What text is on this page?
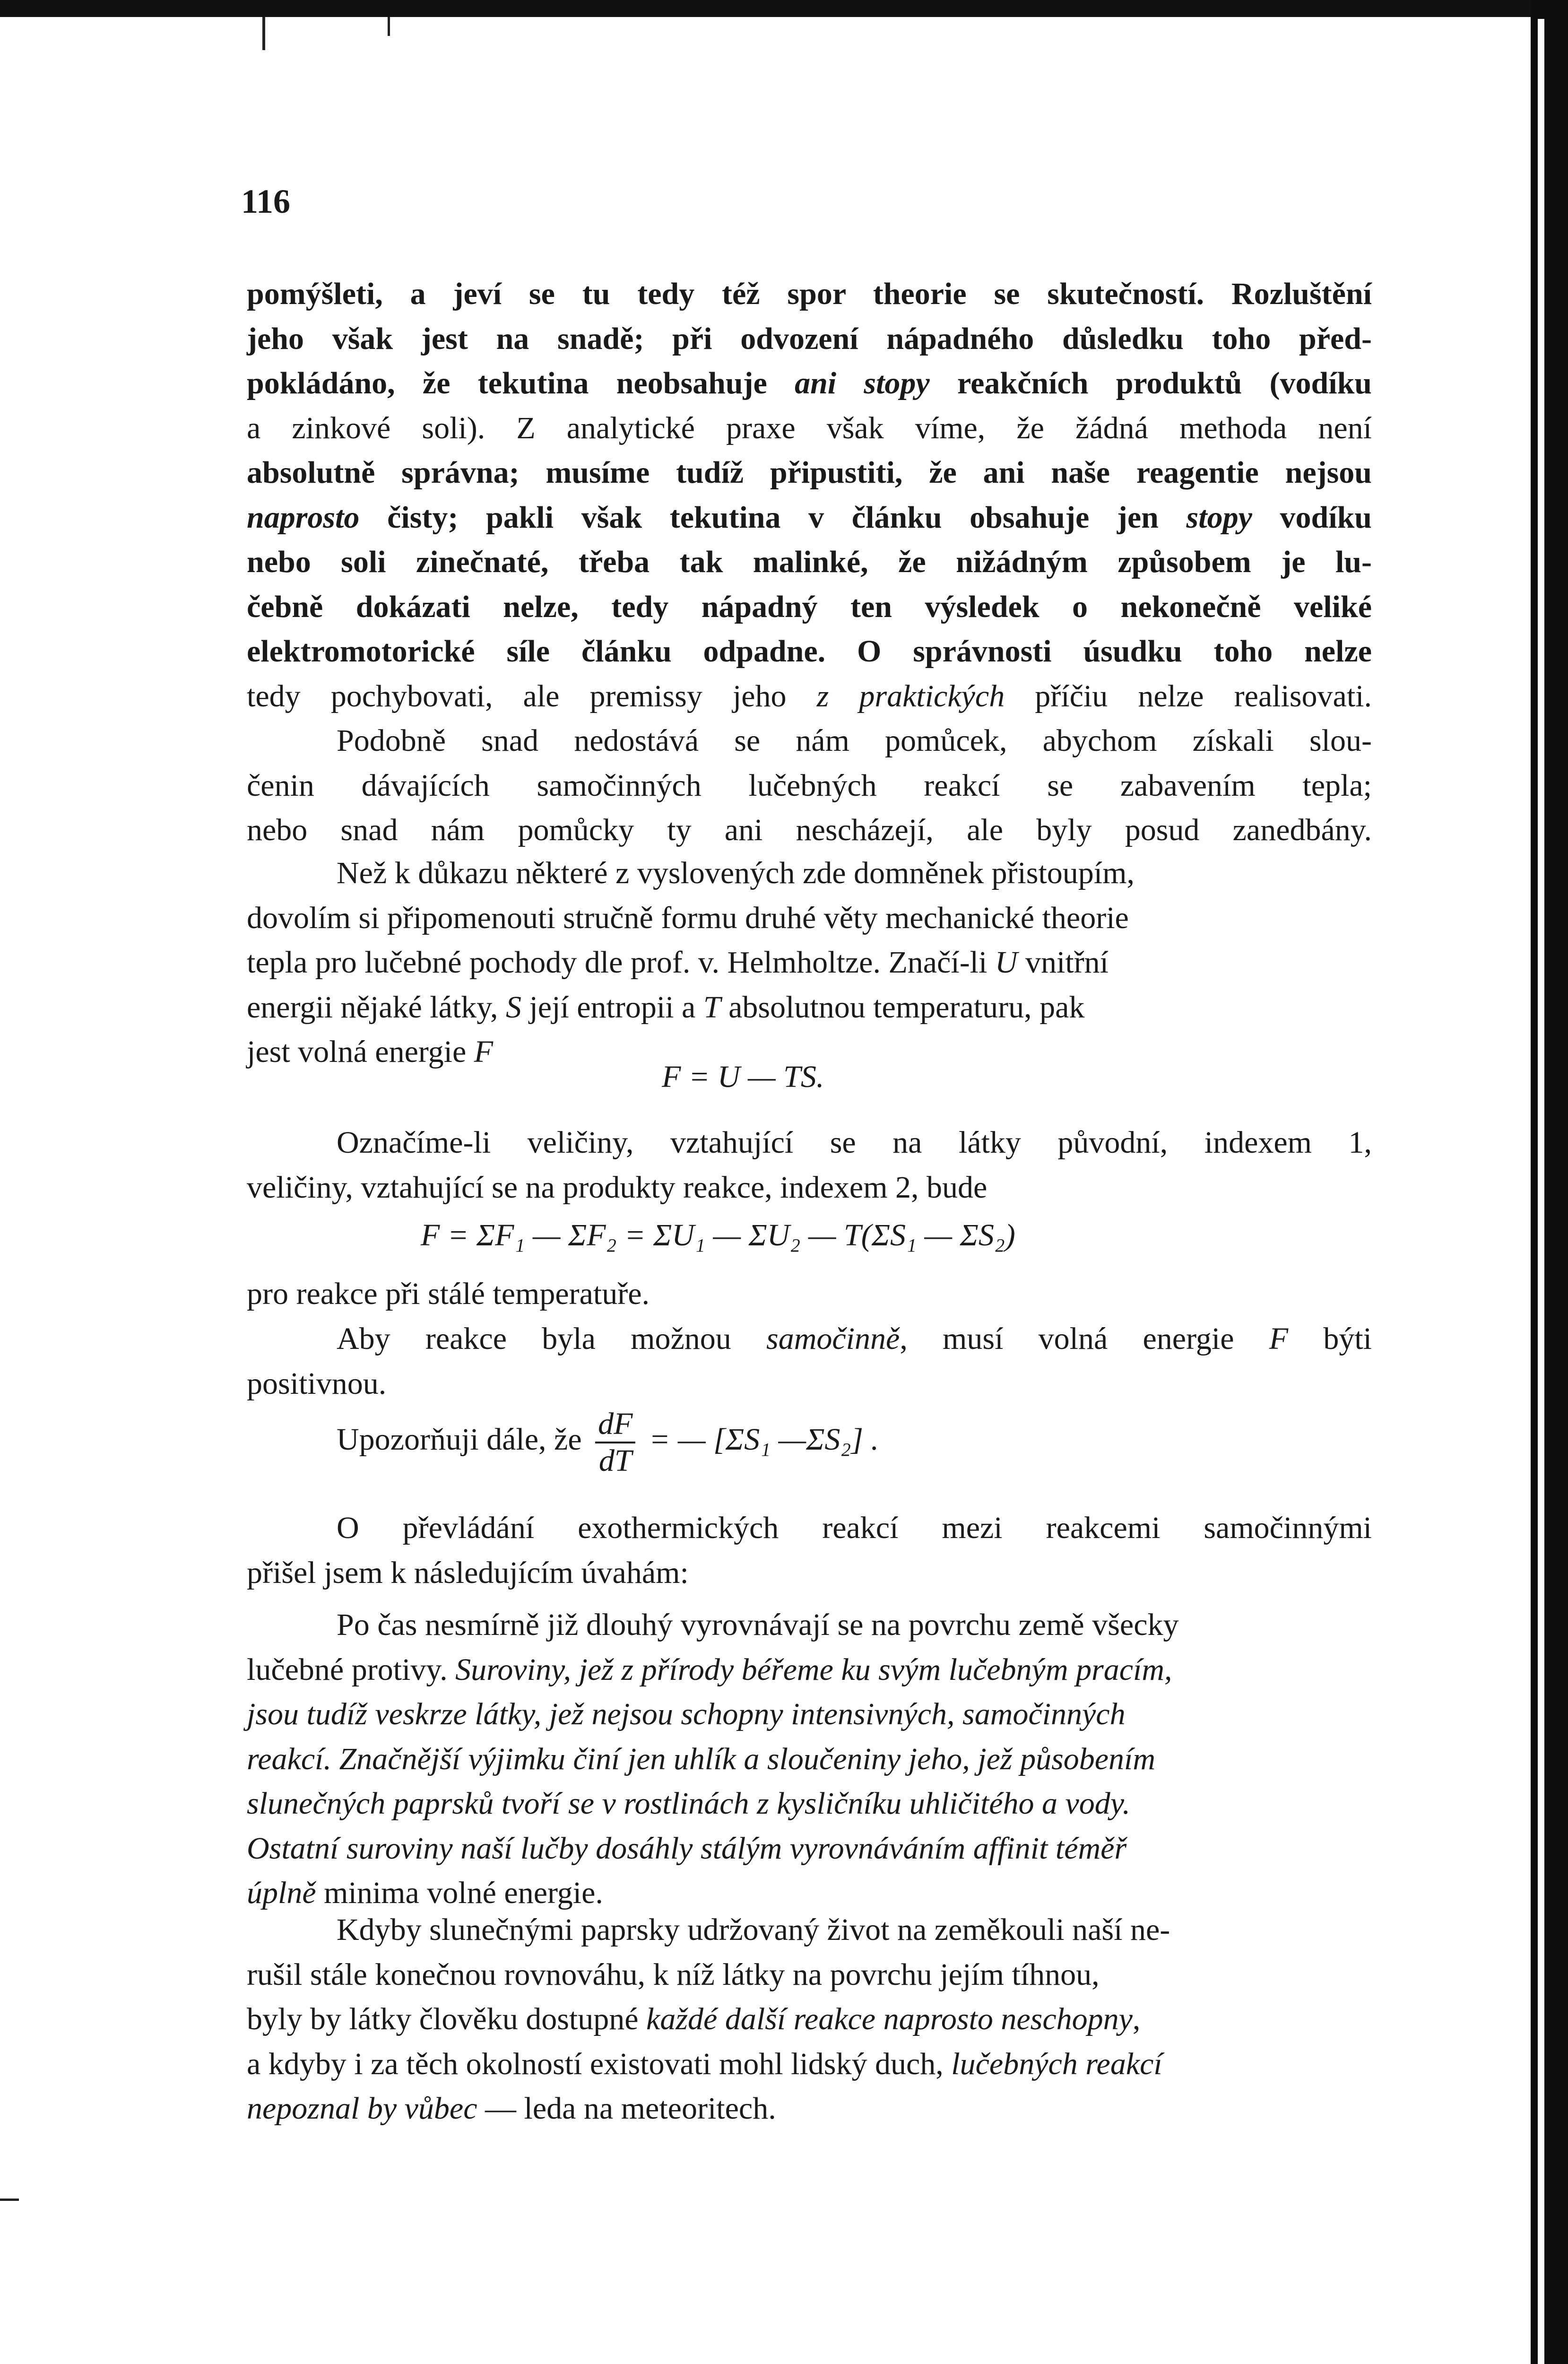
116

pomýšleti, a jeví se tu tedy též spor theorie se skutečností. Rozluštění

jeho však jest na snadě; při odvození nápadného důsledku toho před-

pokládáno, že tekutina neobsahuje ani stopy reakčních produktů (vodíku

a zinkové soli). Z analytické praxe však víme, že žádná methoda není

absolutně správna; musíme tudíž připustiti, že ani naše reagentie nejsou

naprosto čisty; pakli však tekutina v článku obsahuje jen stopy vodíku

nebo soli zinečnaté, třeba tak malinké, že nižádným způsobem je lu-

čebně dokázati nelze, tedy nápadný ten výsledek o nekonečně veliké

elektromotorické síle článku odpadne. O správnosti úsudku toho nelze

tedy pochybovati, ale premissy jeho z praktických příčiu nelze realisovati.

Podobně snad nedostává se nám pomůcek, abychom získali slou-

čenin dávajících samočinných lučebných reakcí se zabavením tepla;

nebo snad nám pomůcky ty ani nescházejí, ale byly posud zanedbány.

Než k důkazu některé z vyslovených zde domněnek přistoupím,

dovolím si připomenouti stručně formu druhé věty mechanické theorie

tepla pro lučebné pochody dle prof. v. Helmholtze. Značí-li U vnitřní

energii nějaké látky, S její entropii a T absolutnou temperaturu, pak

jest volná energie F

F = U — TS.

Označíme-li veličiny, vztahující se na látky původní, indexem 1,

veličiny, vztahující se na produkty reakce, indexem 2, bude

F = ΣF₁ — ΣF₂ = ΣU₁ — ΣU₂ — T(ΣS₁ — ΣS₂)

pro reakce při stálé temperatuře.

Aby reakce byla možnou samočinně, musí volná energie F býti

positivnou.

Upozorňuji dále, že $\frac{dF}{dT}$ = — [ΣS₁ —ΣS₂] .

O převládání exothermických reakcí mezi reakcemi samočinnými

přišel jsem k následujícím úvahám:

Po čas nesmírně již dlouhý vyrovnávají se na povrchu země všecky

lučebné protivy. Suroviny, jež z přírody béřeme ku svým lučebným pracím,

jsou tudíž veskrze látky, jež nejsou schopny intensivných, samočinných

reakcí. Značnější výjimku činí jen uhlík a sloučeniny jeho, jež působením

slunečných paprsků tvoří se v rostlinách z kysličníku uhličitého a vody.

Ostatní suroviny naší lučby dosáhly stálým vyrovnáváním affinit téměř

úplně minima volné energie.

Kdyby slunečnými paprsky udržovaný život na zeměkouli naší ne-

rušil stále konečnou rovnováhu, k níž látky na povrchu jejím tíhnou,

byly by látky člověku dostupné každé další reakce naprosto neschopny,

a kdyby i za těch okolností existovati mohl lidský duch, lučebných reakcí

nepoznal by vůbec — leda na meteoritech.
